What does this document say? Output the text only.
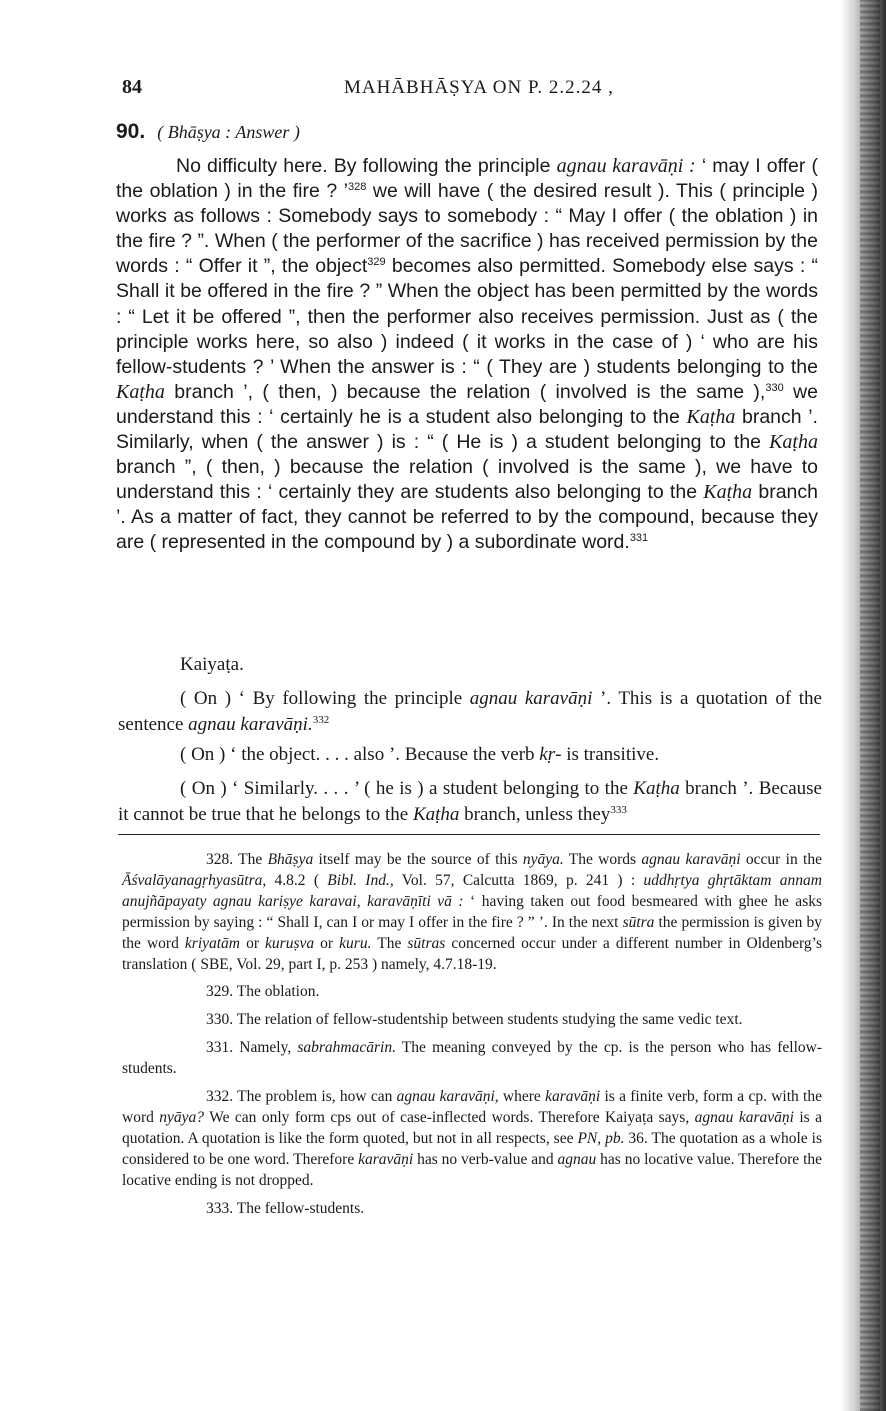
84	MAHĀBHĀṢYA ON P. 2.2.24 ,
90. ( Bhāṣya : Answer )

No difficulty here. By following the principle agnau karavāṇi : ‘ may I offer ( the oblation ) in the fire ? ’$^{328}$ we will have ( the desired result ). This ( principle ) works as follows : Somebody says to somebody : “ May I offer ( the oblation ) in the fire ? ”. When ( the performer of the sacrifice ) has received permission by the words : “ Offer it ”, the object$^{329}$ becomes also permitted. Somebody else says : “ Shall it be offered in the fire ? ” When the object has been permitted by the words : “ Let it be offered ”, then the performer also receives permission. Just as ( the principle works here, so also ) indeed ( it works in the case of ) ‘ who are his fellow-students ? ’ When the answer is : “ ( They are ) students belonging to the Kaṭha branch ’, ( then, ) because the relation ( involved is the same ),$^{330}$ we understand this : ‘ certainly he is a student also belonging to the Kaṭha branch ’. Similarly, when ( the answer ) is : “ ( He is ) a student belonging to the Kaṭha branch ”, ( then, ) because the relation ( involved is the same ), we have to understand this : ‘ certainly they are students also belonging to the Kaṭha branch ’. As a matter of fact, they cannot be referred to by the compound, because they are ( represented in the compound by ) a subordinate word.$^{331}$

Kaiyaṭa.
( On ) ‘ By following the principle agnau karavāṇi ’. This is a quotation of the sentence agnau karavāṇi.$^{332}$
( On ) ‘ the object. . . . also ’. Because the verb kṛ- is transitive.
( On ) ‘ Similarly. . . . ’ ( he is ) a student belonging to the Kaṭha branch ’. Because it cannot be true that he belongs to the Kaṭha branch, unless they$^{333}$

328. The Bhāṣya itself may be the source of this nyāya. The words agnau karavāṇi occur in the Āśvalāyanagṛhyasūtra, 4.8.2 ( Bibl. Ind., Vol. 57, Calcutta 1869, p. 241 ) : uddhṛtya ghṛtāktam annam anujñāpayaty agnau kariṣye karavai, karavāṇīti vā : ‘ having taken out food besmeared with ghee he asks permission by saying : “ Shall I, can I or may I offer in the fire ? ” ’. In the next sūtra the permission is given by the word kriyatām or kuruṣva or kuru. The sūtras concerned occur under a different number in Oldenberg’s translation ( SBE, Vol. 29, part I, p. 253 ) namely, 4.7.18-19.

329. The oblation.

330. The relation of fellow-studentship between students studying the same vedic text.

331. Namely, sabrahmacārin. The meaning conveyed by the cp. is the person who has fellow-students.

332. The problem is, how can agnau karavāṇi, where karavāṇi is a finite verb, form a cp. with the word nyāya? We can only form cps out of case-inflected words. Therefore Kaiyaṭa says, agnau karavāṇi is a quotation. A quotation is like the form quoted, but not in all respects, see PN, pb. 36. The quotation as a whole is considered to be one word. Therefore karavāṇi has no verb-value and agnau has no locative value. Therefore the locative ending is not dropped.

333. The fellow-students.
